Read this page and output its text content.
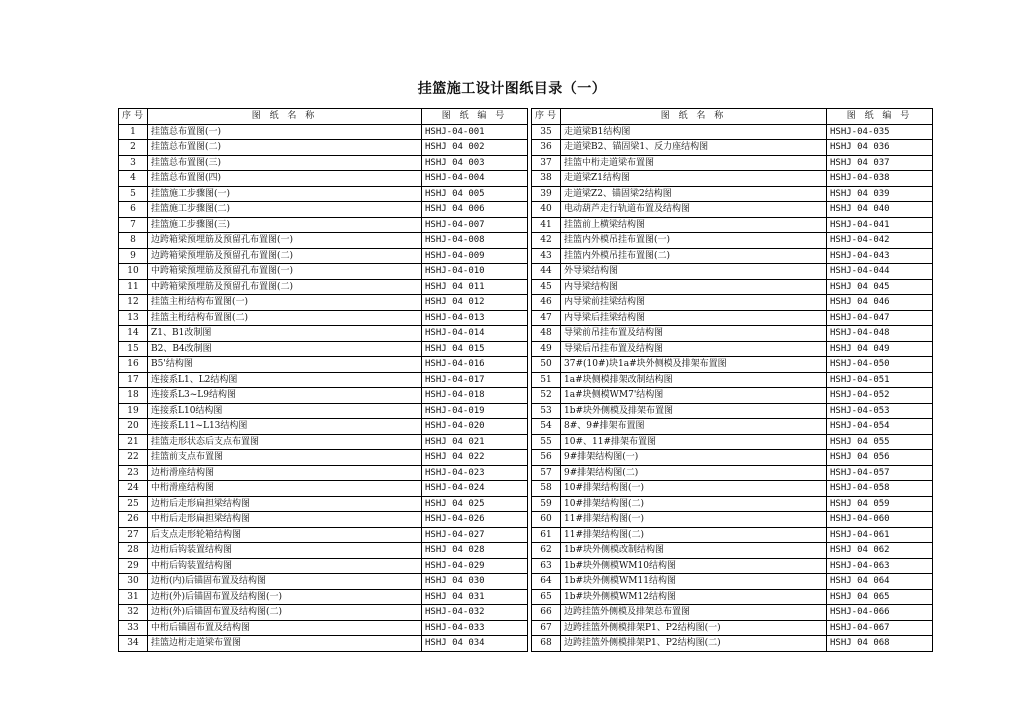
挂篮施工设计图纸目录（一）
序号	图 纸 名 称	图 纸 编 号
1	挂篮总布置图(一)	HSHJ-04-001
2	挂篮总布置图(二)	HSHJ 04 002
3	挂篮总布置图(三)	HSHJ 04 003
4	挂篮总布置图(四)	HSHJ-04-004
5	挂篮施工步骤图(一)	HSHJ 04 005
6	挂篮施工步骤图(二)	HSHJ 04 006
7	挂篮施工步骤图(三)	HSHJ-04-007
8	边跨箱梁预埋筋及预留孔布置图(一)	HSHJ-04-008
9	边跨箱梁预埋筋及预留孔布置图(二)	HSHJ-04-009
10	中跨箱梁预埋筋及预留孔布置图(一)	HSHJ-04-010
11	中跨箱梁预埋筋及预留孔布置图(二)	HSHJ 04 011
12	挂篮主桁结构布置图(一)	HSHJ 04 012
13	挂篮主桁结构布置图(二)	HSHJ-04-013
14	Z1、B1改制图	HSHJ-04-014
15	B2、B4改制图	HSHJ 04 015
16	B5'结构图	HSHJ-04-016
17	连接系L1、L2结构图	HSHJ-04-017
18	连接系L3~L9结构图	HSHJ-04-018
19	连接系L10结构图	HSHJ-04-019
20	连接系L11~L13结构图	HSHJ-04-020
21	挂篮走形状态后支点布置图	HSHJ 04 021
22	挂篮前支点布置图	HSHJ 04 022
23	边桁滑座结构图	HSHJ-04-023
24	中桁滑座结构图	HSHJ-04-024
25	边桁后走形扁担梁结构图	HSHJ 04 025
26	中桁后走形扁担梁结构图	HSHJ-04-026
27	后支点走形轮箱结构图	HSHJ-04-027
28	边桁后钩装置结构图	HSHJ 04 028
29	中桁后钩装置结构图	HSHJ-04-029
30	边桁(内)后锚固布置及结构图	HSHJ 04 030
31	边桁(外)后锚固布置及结构图(一)	HSHJ 04 031
32	边桁(外)后锚固布置及结构图(二)	HSHJ-04-032
33	中桁后锚固布置及结构图	HSHJ-04-033
34	挂篮边桁走道梁布置图	HSHJ 04 034
序号	图 纸 名 称	图 纸 编 号
35	走道梁B1结构图	HSHJ-04-035
36	走道梁B2、锚固梁1、反力座结构图	HSHJ 04 036
37	挂篮中桁走道梁布置图	HSHJ 04 037
38	走道梁Z1结构图	HSHJ-04-038
39	走道梁Z2、锚固梁2结构图	HSHJ 04 039
40	电动葫芦走行轨道布置及结构图	HSHJ 04 040
41	挂篮前上横梁结构图	HSHJ-04-041
42	挂篮内外模吊挂布置图(一)	HSHJ-04-042
43	挂篮内外模吊挂布置图(二)	HSHJ-04-043
44	外导梁结构图	HSHJ-04-044
45	内导梁结构图	HSHJ 04 045
46	内导梁前挂梁结构图	HSHJ 04 046
47	内导梁后挂梁结构图	HSHJ-04-047
48	导梁前吊挂布置及结构图	HSHJ-04-048
49	导梁后吊挂布置及结构图	HSHJ 04 049
50	37#(10#)块1a#块外侧模及排架布置图	HSHJ-04-050
51	1a#块侧模排架改制结构图	HSHJ-04-051
52	1a#块侧模WM7'结构图	HSHJ-04-052
53	1b#块外侧模及排架布置图	HSHJ-04-053
54	8#、9#排架布置图	HSHJ-04-054
55	10#、11#排架布置图	HSHJ 04 055
56	9#排架结构图(一)	HSHJ 04 056
57	9#排架结构图(二)	HSHJ-04-057
58	10#排架结构图(一)	HSHJ-04-058
59	10#排架结构图(二)	HSHJ 04 059
60	11#排架结构图(一)	HSHJ-04-060
61	11#排架结构图(二)	HSHJ-04-061
62	1b#块外侧模改制结构图	HSHJ 04 062
63	1b#块外侧模WM10结构图	HSHJ-04-063
64	1b#块外侧模WM11结构图	HSHJ 04 064
65	1b#块外侧模WM12结构图	HSHJ 04 065
66	边跨挂篮外侧模及排架总布置图	HSHJ-04-066
67	边跨挂篮外侧模排架P1、P2结构图(一)	HSHJ-04-067
68	边跨挂篮外侧模排架P1、P2结构图(二)	HSHJ 04 068
